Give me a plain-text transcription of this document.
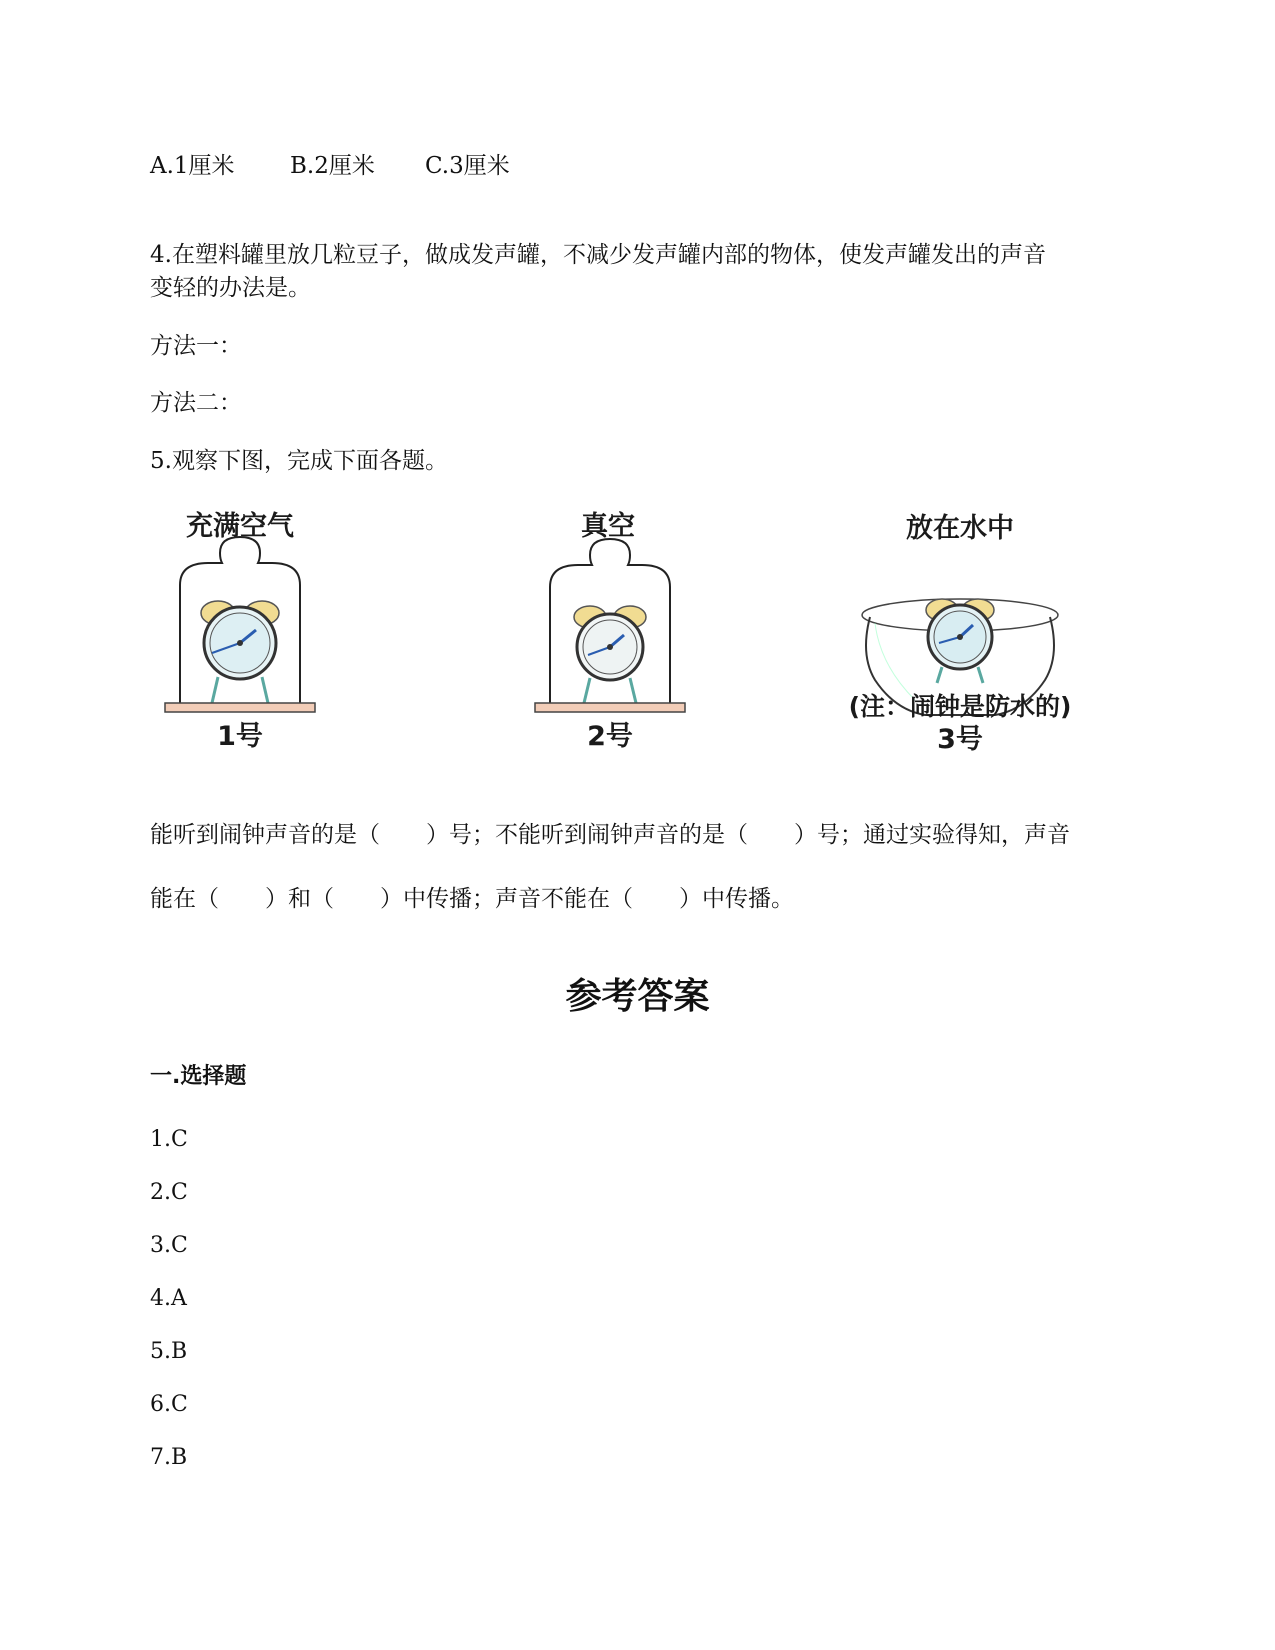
A.1厘米 B.2厘米 C.3厘米
4.在塑料罐里放几粒豆子，做成发声罐，不减少发声罐内部的物体，使发声罐发出的声音
变轻的办法是。
方法一：
方法二：
5.观察下图，完成下面各题。
充满空气
1号
真空
2号
放在水中
(注：闹钟是防水的)
3号
能听到闹钟声音的是（　　）号；不能听到闹钟声音的是（　　）号；通过实验得知，声音
能在（　　）和（　　）中传播；声音不能在（　　）中传播。
参考答案
一.选择题
1.C
2.C
3.C
4.A
5.B
6.C
7.B
